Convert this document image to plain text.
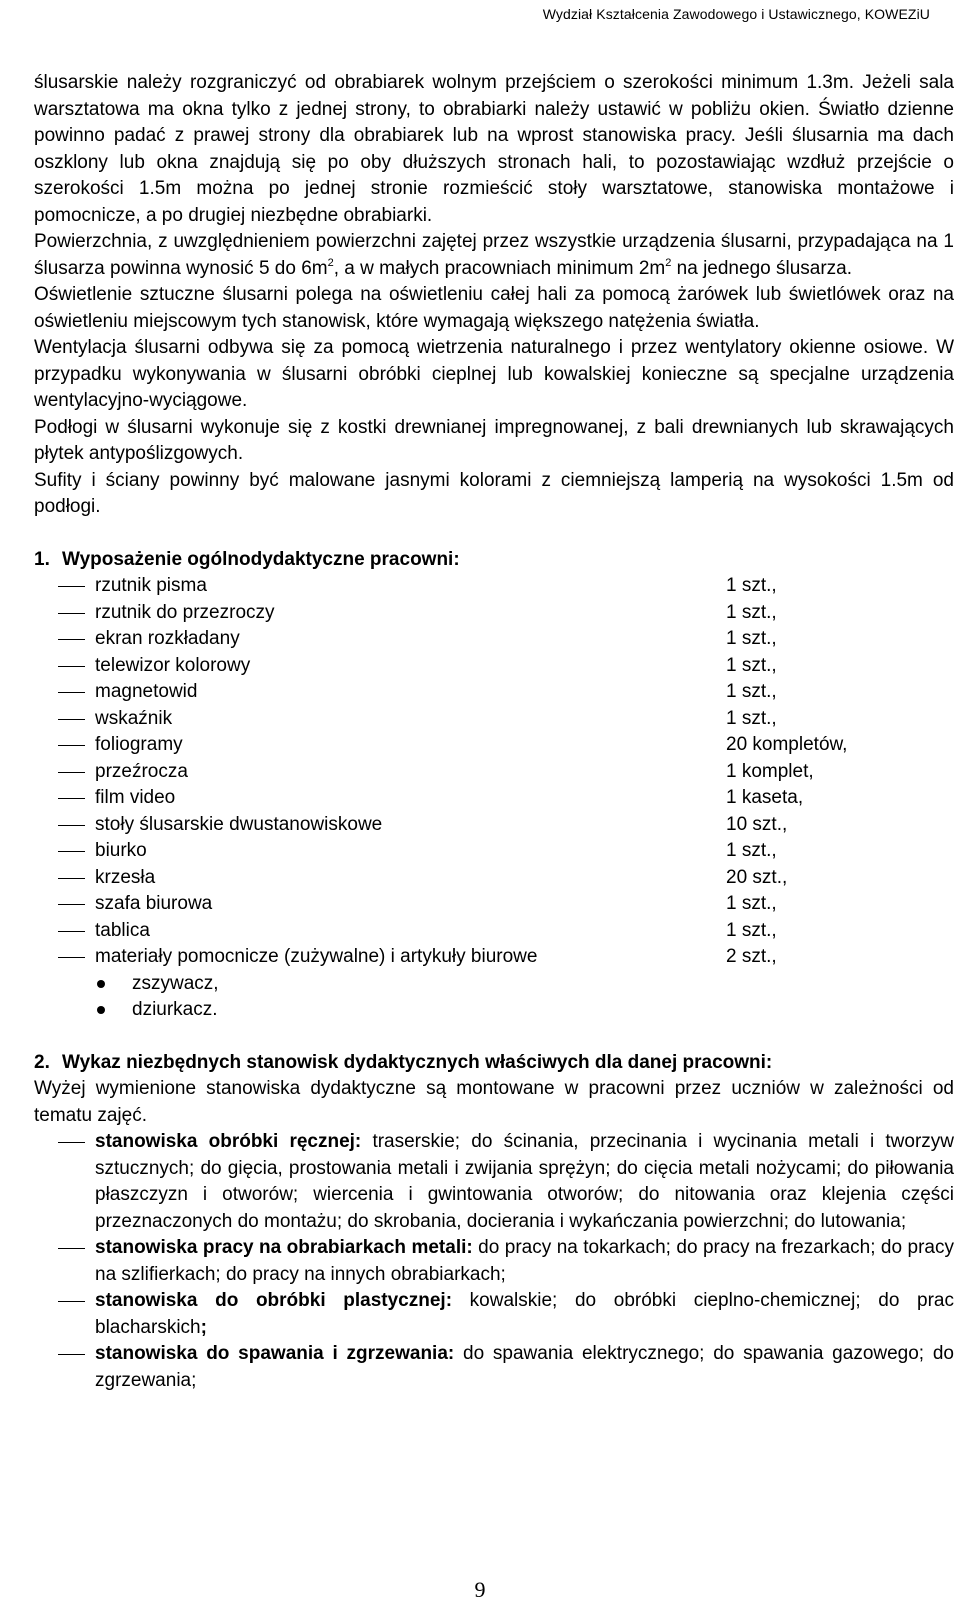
Wydział Kształcenia Zawodowego i Ustawicznego, KOWEZiU

ślusarskie należy rozgraniczyć od obrabiarek wolnym przejściem o szerokości minimum 1.3m. Jeżeli sala warsztatowa ma okna tylko z jednej strony, to obrabiarki należy ustawić w pobliżu okien. Światło dzienne powinno padać z prawej strony dla obrabiarek lub na wprost stanowiska pracy. Jeśli ślusarnia ma dach oszklony lub okna znajdują się po oby dłuższych stronach hali, to pozostawiając wzdłuż przejście o szerokości 1.5m można po jednej stronie rozmieścić stoły warsztatowe, stanowiska montażowe i pomocnicze, a po drugiej niezbędne obrabiarki.

Powierzchnia, z uwzględnieniem powierzchni zajętej przez wszystkie urządzenia ślusarni, przypadająca na 1 ślusarza powinna wynosić 5 do $6m^2$, a w małych pracowniach minimum $2m^2$ na jednego ślusarza.

Oświetlenie sztuczne ślusarni polega na oświetleniu całej hali za pomocą żarówek lub świetlówek oraz na oświetleniu miejscowym tych stanowisk, które wymagają większego natężenia światła.

Wentylacja ślusarni odbywa się za pomocą wietrzenia naturalnego i przez wentylatory okienne osiowe. W przypadku wykonywania w ślusarni obróbki cieplnej lub kowalskiej konieczne są specjalne urządzenia wentylacyjno-wyciągowe.

Podłogi w ślusarni wykonuje się z kostki drewnianej impregnowanej, z bali drewnianych lub skrawających płytek antypoślizgowych.

Sufity i ściany powinny być malowane jasnymi kolorami z ciemniejszą lamperią na wysokości 1.5m od podłogi.

1. Wyposażenie ogólnodydaktyczne pracowni:

rzutnik pisma	1 szt.,
rzutnik do przezroczy	1 szt.,
ekran rozkładany	1 szt.,
telewizor kolorowy	1 szt.,
magnetowid	1 szt.,
wskaźnik	1 szt.,
foliogramy	20 kompletów,
przeźrocza	1 komplet,
film video	1 kaseta,
stoły ślusarskie dwustanowiskowe	10 szt.,
biurko	1 szt.,
krzesła	20 szt.,
szafa biurowa	1 szt.,
tablica	1 szt.,
materiały pomocnicze (zużywalne) i artykuły biurowe	2 szt.,
zszywacz,
dziurkacz.

2. Wykaz niezbędnych stanowisk dydaktycznych właściwych dla danej pracowni:

Wyżej wymienione stanowiska dydaktyczne są montowane w pracowni przez uczniów w zależności od tematu zajęć.

stanowiska obróbki ręcznej: traserskie; do ścinania, przecinania i wycinania metali i tworzyw sztucznych; do gięcia, prostowania metali i zwijania sprężyn; do cięcia metali nożycami; do piłowania płaszczyzn i otworów; wiercenia i gwintowania otworów; do nitowania oraz klejenia części przeznaczonych do montażu; do skrobania, docierania i wykańczania powierzchni; do lutowania;
stanowiska pracy na obrabiarkach metali: do pracy na tokarkach; do pracy na frezarkach; do pracy na szlifierkach; do pracy na innych obrabiarkach;
stanowiska do obróbki plastycznej: kowalskie; do obróbki cieplno-chemicznej; do prac blacharskich;
stanowiska do spawania i zgrzewania: do spawania elektrycznego; do spawania gazowego; do zgrzewania;
9
